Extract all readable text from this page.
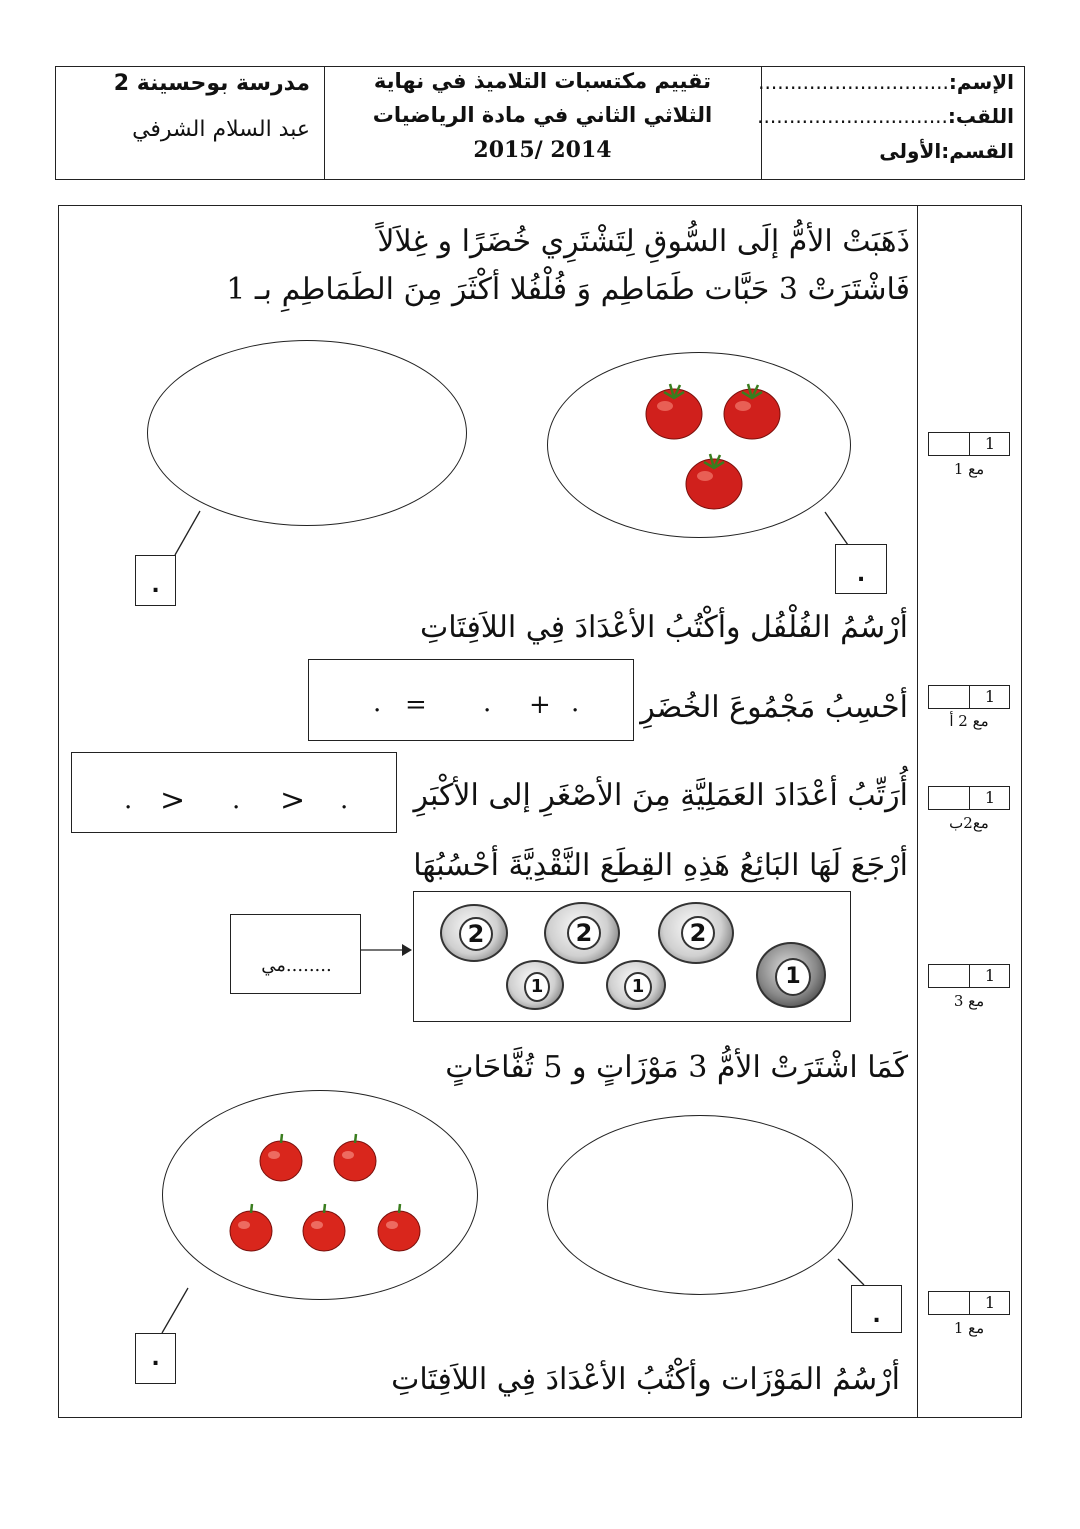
مدرسة بوحسينة 2
عبد السلام الشرفي
تقييم مكتسبات التلاميذ في نهاية
الثلاثي الثاني في مادة الرياضيات
2015/ 2014
الإسم:..............................
اللقب:..............................
القسم:الأولى
ذَهَبَتْ الأمُّ إلَى السُّوقِ لِتَشْتَرِي خُضَرًا و غِلاَلاً
فَاشْتَرَتْ 3 حَبَّات طَمَاطِم وَ فُلْفُلا أكْثَرَ مِنَ الطَمَاطِمِ بـ 1
.	.
أرْسُمُ الفُلْفُل وأكْتُبُ الأعْدَادَ فِي اللاَفِتَاتِ
أحْسِبُ مَجْمُوعَ الخُضَرِ
. = . + .
أُرَتِّبُ أعْدَادَ العَمَلِيَّةِ مِنَ الأصْغَرِ إلى الأكْبَرِ
. > . > .
أرْجَعَ لَهَا البَائِعُ هَذِهِ القِطَعَ النَّقْدِيَّةَ أحْسُبُهَا
........مي
2	2	2
1	1	1
كَمَا اشْتَرَتْ الأمُّ 3 مَوْزَاتٍ و 5 تُفَّاحَاتٍ
.
.
أرْسُمُ المَوْزَات وأكْتُبُ الأعْدَادَ فِي اللاَفِتَاتِ
1
مع 1
1
مع 2 أ
1
مع2ب
1
مع 3
1
مع 1
